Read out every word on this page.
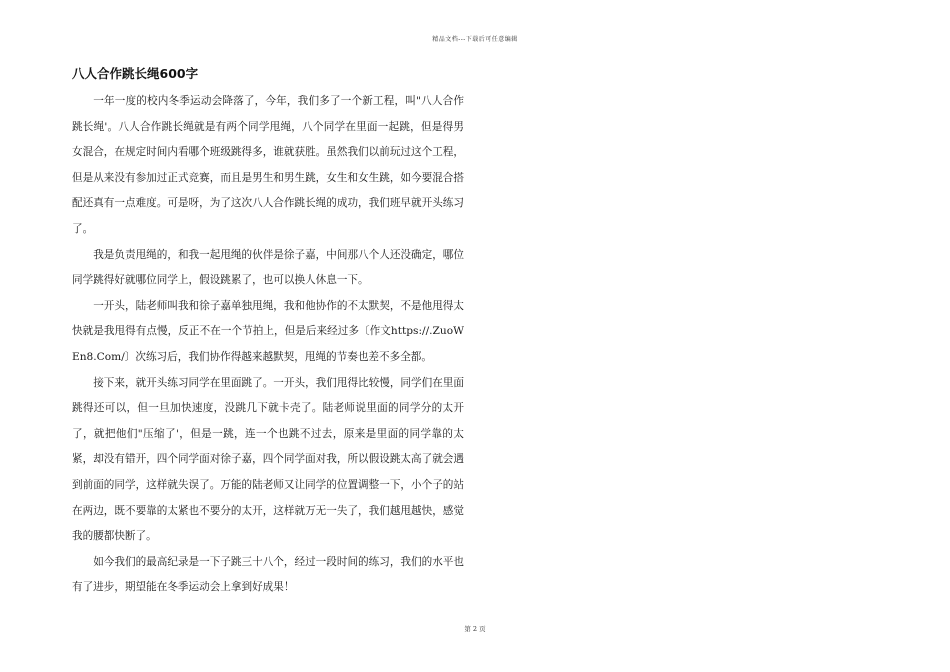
精品文档---下载后可任意编辑
八人合作跳长绳600字

一年一度的校内冬季运动会降落了，今年，我们多了一个新工程，叫"八人合作跳长绳'。八人合作跳长绳就是有两个同学甩绳，八个同学在里面一起跳，但是得男女混合，在规定时间内看哪个班级跳得多，谁就获胜。虽然我们以前玩过这个工程，但是从来没有参加过正式竞赛，而且是男生和男生跳，女生和女生跳，如今要混合搭配还真有一点难度。可是呀，为了这次八人合作跳长绳的成功，我们班早就开头练习了。

我是负责甩绳的，和我一起甩绳的伙伴是徐子嘉，中间那八个人还没确定，哪位同学跳得好就哪位同学上，假设跳累了，也可以换人休息一下。

一开头，陆老师叫我和徐子嘉单独甩绳，我和他协作的不太默契，不是他甩得太快就是我甩得有点慢，反正不在一个节拍上，但是后来经过多〔作文https://.ZuoWEn8.Com/〕次练习后，我们协作得越来越默契，甩绳的节奏也差不多全都。

接下来，就开头练习同学在里面跳了。一开头，我们甩得比较慢，同学们在里面跳得还可以，但一旦加快速度，没跳几下就卡壳了。陆老师说里面的同学分的太开了，就把他们"压缩了'，但是一跳，连一个也跳不过去，原来是里面的同学靠的太紧，却没有错开，四个同学面对徐子嘉，四个同学面对我，所以假设跳太高了就会遇到前面的同学，这样就失误了。万能的陆老师又让同学的位置调整一下，小个子的站在两边，既不要靠的太紧也不要分的太开，这样就万无一失了，我们越甩越快，感觉我的腰都快断了。

如今我们的最高纪录是一下子跳三十八个，经过一段时间的练习，我们的水平也有了进步，期望能在冬季运动会上拿到好成果！

第 2 页
